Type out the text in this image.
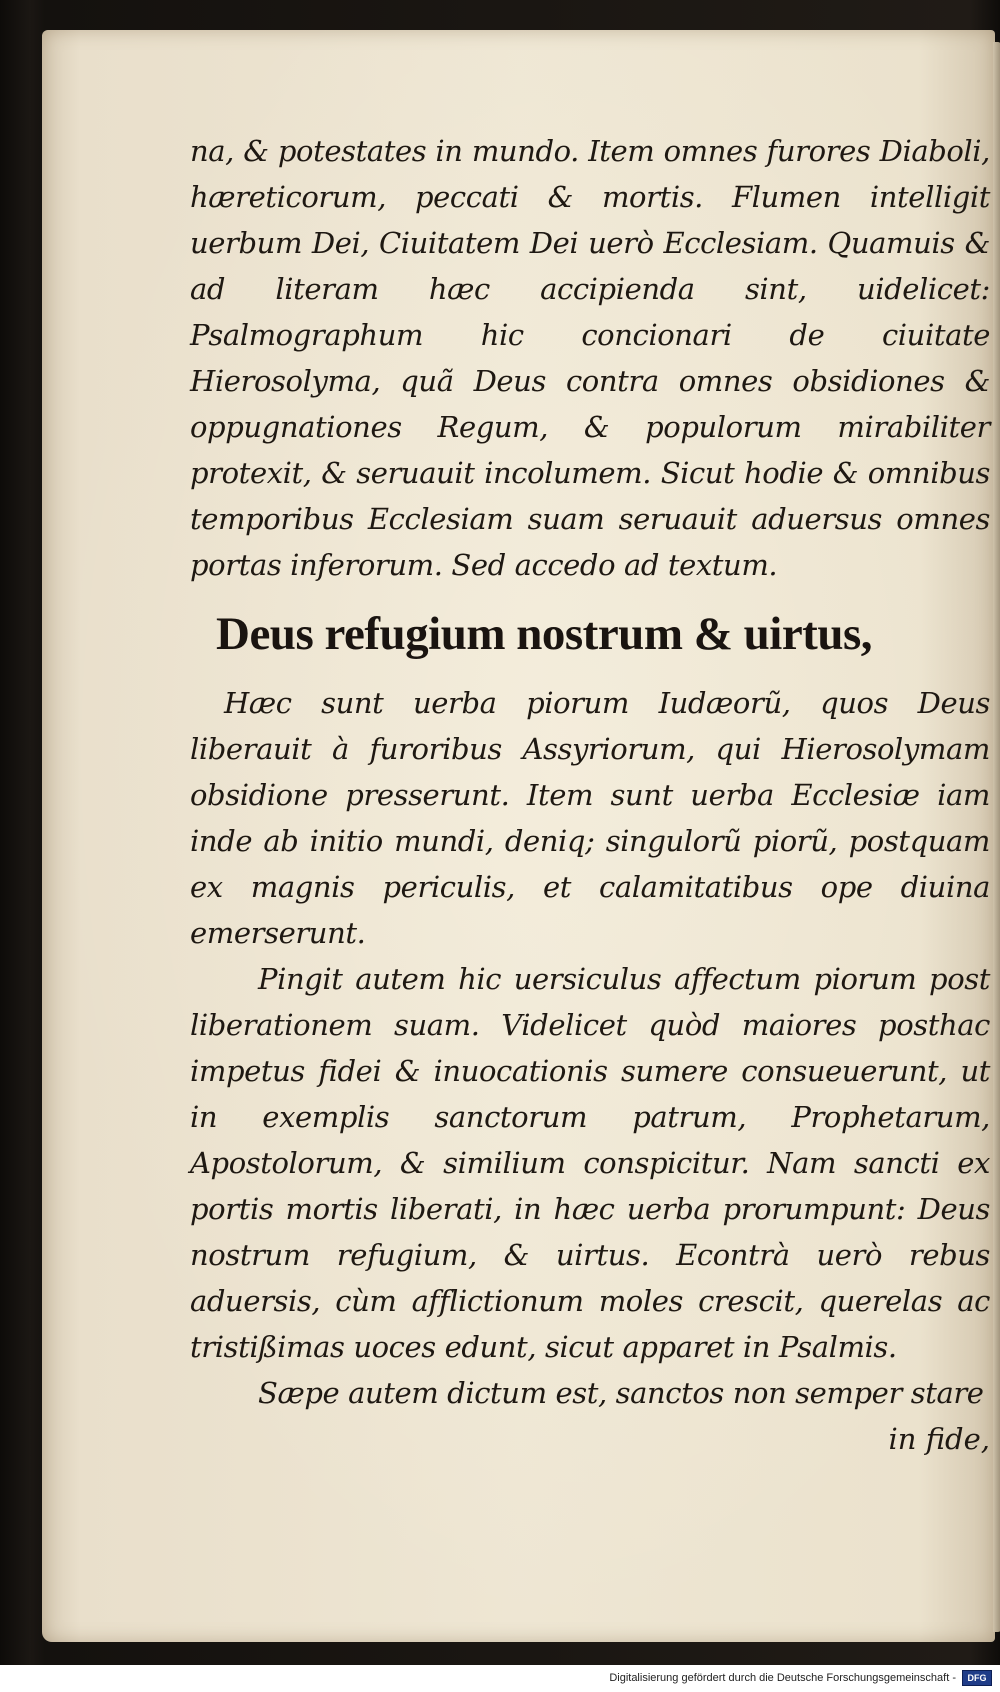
na, & potestates in mundo. Item omnes furores Diaboli, hæreticorum, peccati & mortis. Flumen intelligit uerbum Dei, Ciuitatem Dei uerò Ecclesiam. Quamuis & ad literam hæc accipienda sint, uidelicet: Psalmographum hic concionari de ciuitate Hierosolyma, quã Deus contra omnes obsidiones & oppugnationes Regum, & populorum mirabiliter protexit, & seruauit incolumem. Sicut hodie & omnibus temporibus Ecclesiam suam seruauit aduersus omnes portas inferorum. Sed accedo ad textum.

Deus refugium nostrum & uirtus,

Hæc sunt uerba piorum Iudæorũ, quos Deus liberauit à furoribus Assyriorum, qui Hierosolymam obsidione presserunt. Item sunt uerba Ecclesiæ iam inde ab initio mundi, deniq; singulorũ piorũ, postquam ex magnis periculis, et calamitatibus ope diuina emerserunt.

Pingit autem hic uersiculus affectum piorum post liberationem suam. Videlicet quòd maiores posthac impetus fidei & inuocationis sumere consueuerunt, ut in exemplis sanctorum patrum, Prophetarum, Apostolorum, & similium conspicitur. Nam sancti ex portis mortis liberati, in hæc uerba prorumpunt: Deus nostrum refugium, & uirtus. Econtrà uerò rebus aduersis, cùm afflictionum moles crescit, querelas ac tristißimas uoces edunt, sicut apparet in Psalmis.

Sæpe autem dictum est, sanctos non semper stare

in fide,

Digitalisierung gefördert durch die Deutsche Forschungsgemeinschaft -	DFG
